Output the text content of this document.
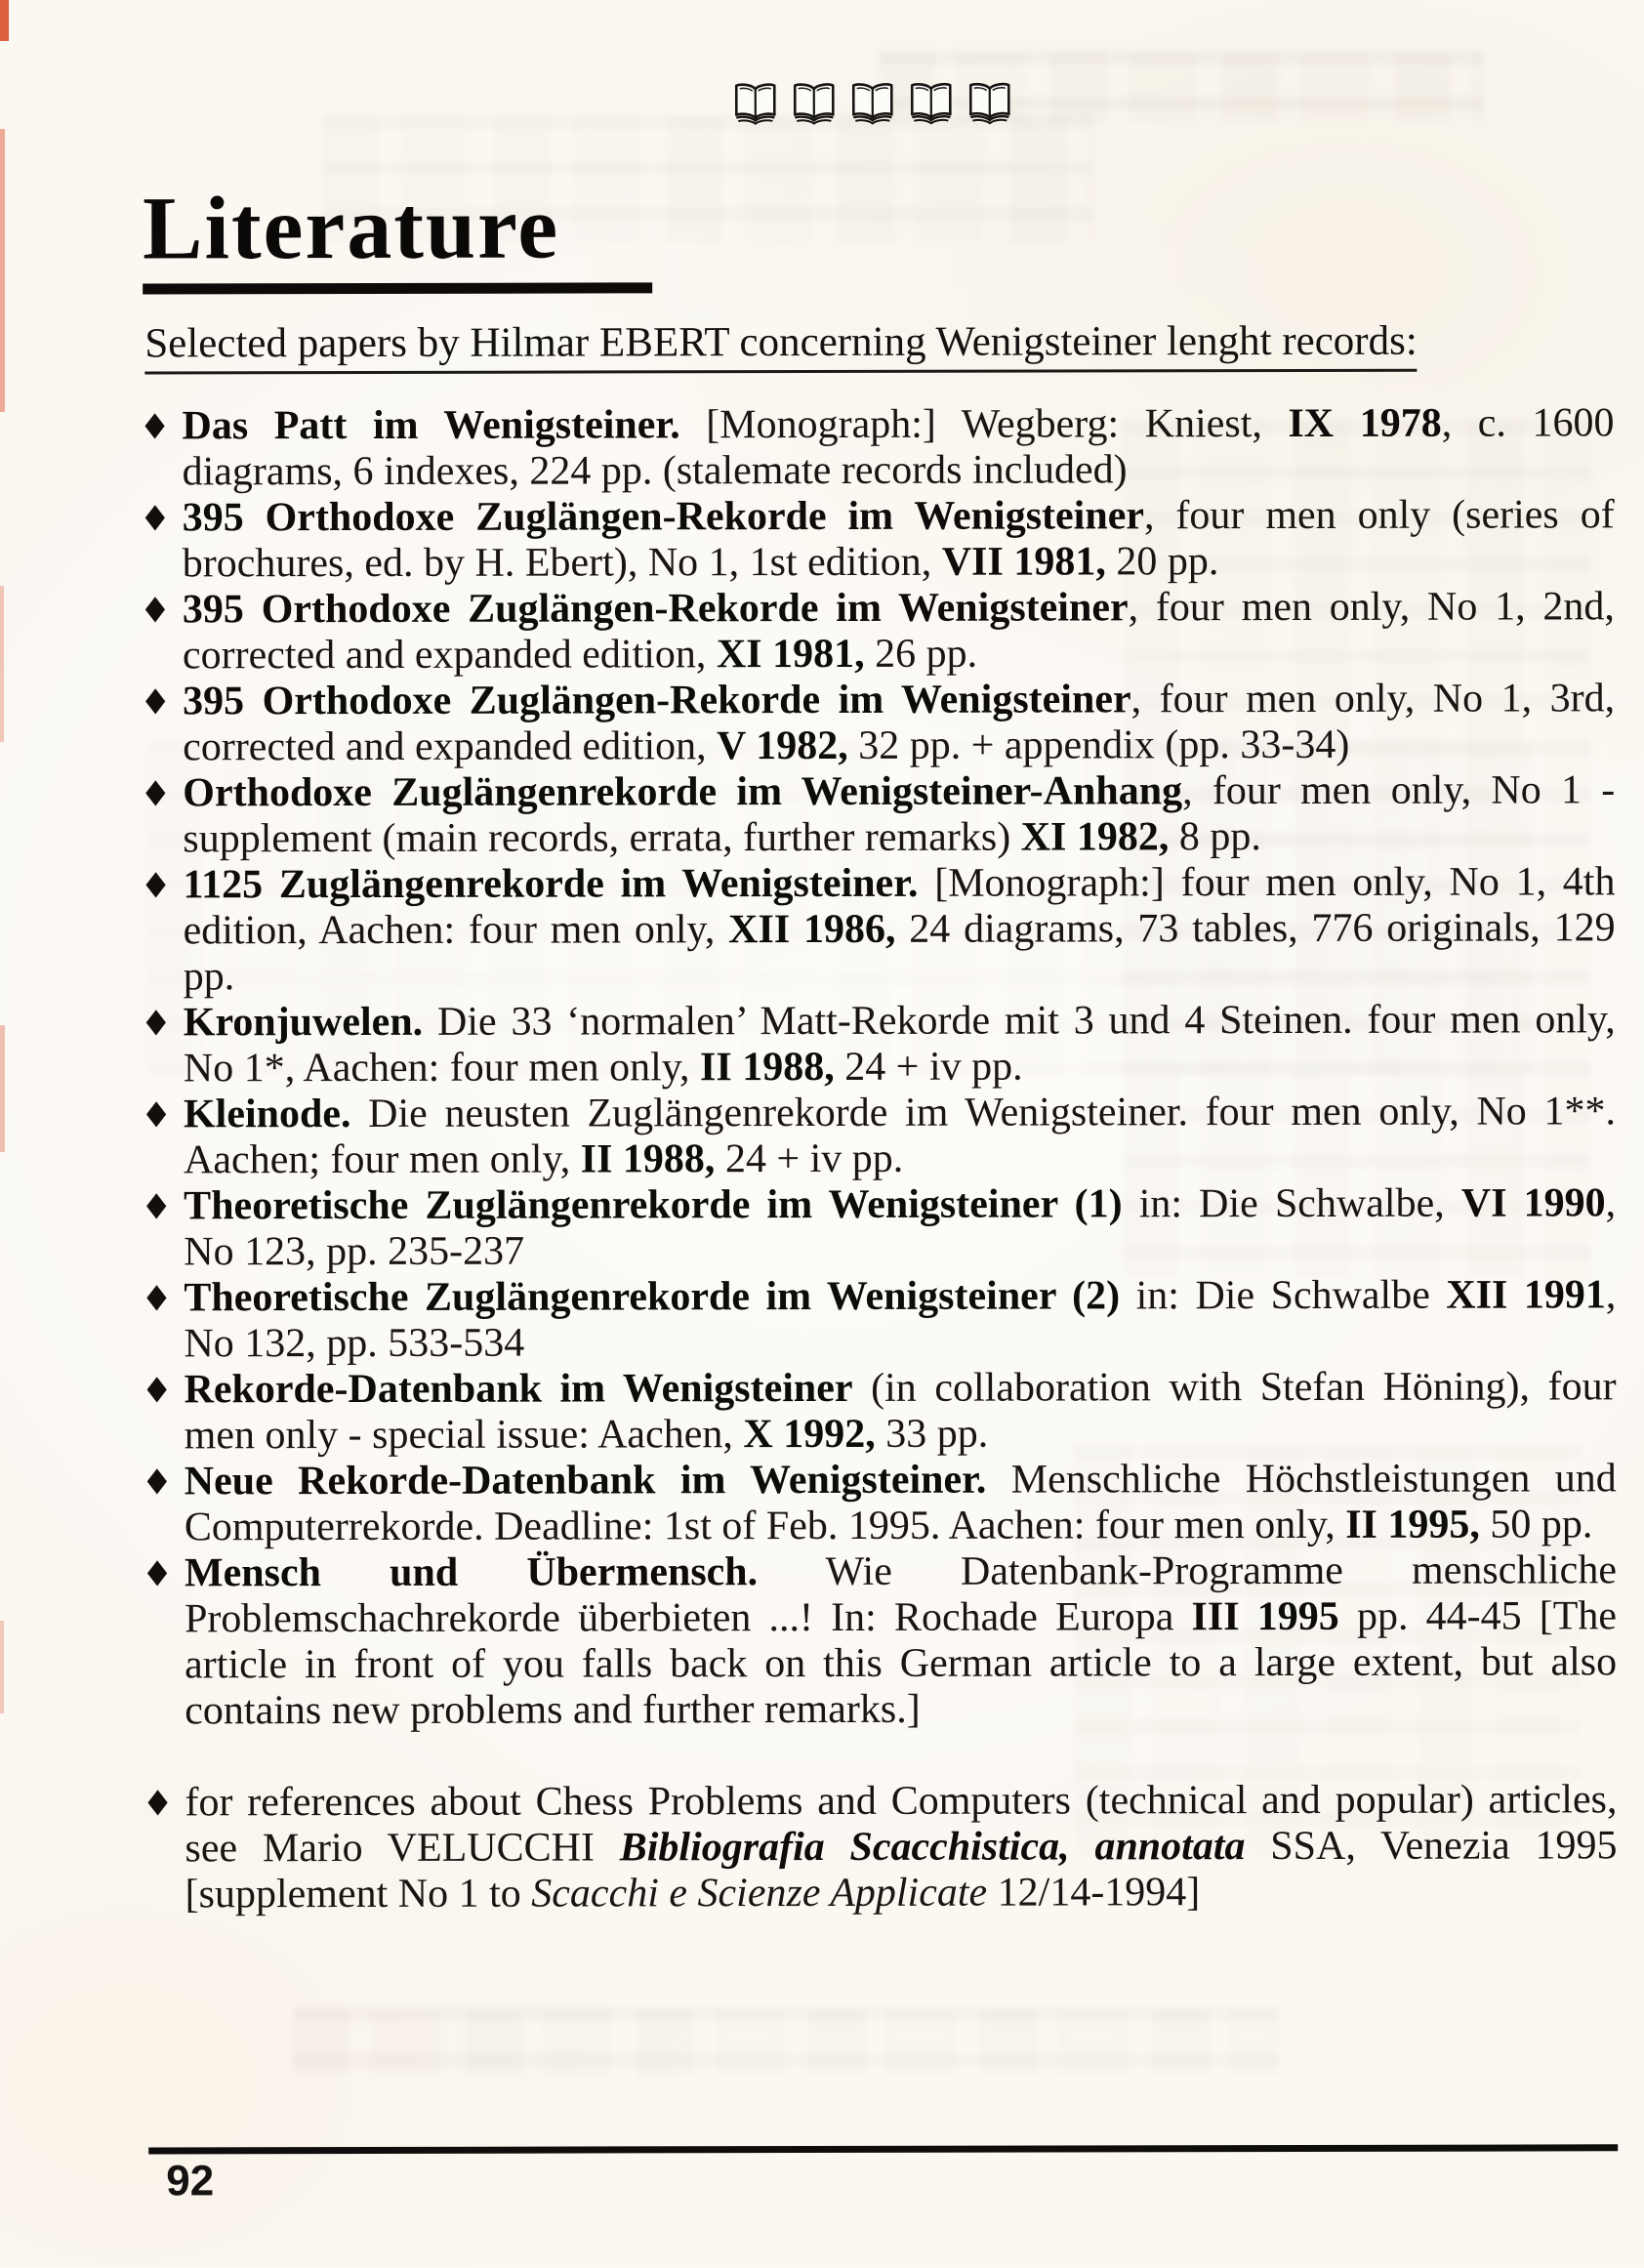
Literature
Selected papers by Hilmar EBERT concerning Wenigsteiner lenght records:
♦ Das Patt im Wenigsteiner. [Monograph:] Wegberg: Kniest, IX 1978, c. 1600 diagrams, 6 indexes, 224 pp. (stalemate records included)
♦ 395 Orthodoxe Zuglängen-Rekorde im Wenigsteiner, four men only (series of brochures, ed. by H. Ebert), No 1, 1st edition, VII 1981, 20 pp.
♦ 395 Orthodoxe Zuglängen-Rekorde im Wenigsteiner, four men only, No 1, 2nd, corrected and expanded edition, XI 1981, 26 pp.
♦ 395 Orthodoxe Zuglängen-Rekorde im Wenigsteiner, four men only, No 1, 3rd, corrected and expanded edition, V 1982, 32 pp. + appendix (pp. 33-34)
♦ Orthodoxe Zuglängenrekorde im Wenigsteiner-Anhang, four men only, No 1 - supplement (main records, errata, further remarks) XI 1982, 8 pp.
♦ 1125 Zuglängenrekorde im Wenigsteiner. [Monograph:] four men only, No 1, 4th edition, Aachen: four men only, XII 1986, 24 diagrams, 73 tables, 776 originals, 129 pp.
♦ Kronjuwelen. Die 33 ‘normalen’ Matt-Rekorde mit 3 und 4 Steinen. four men only, No 1*, Aachen: four men only, II 1988, 24 + iv pp.
♦ Kleinode. Die neusten Zuglängenrekorde im Wenigsteiner. four men only, No 1**. Aachen; four men only, II 1988, 24 + iv pp.
♦ Theoretische Zuglängenrekorde im Wenigsteiner (1) in: Die Schwalbe, VI 1990, No 123, pp. 235-237
♦ Theoretische Zuglängenrekorde im Wenigsteiner (2) in: Die Schwalbe XII 1991, No 132, pp. 533-534
♦ Rekorde-Datenbank im Wenigsteiner (in collaboration with Stefan Höning), four men only - special issue: Aachen, X 1992, 33 pp.
♦ Neue Rekorde-Datenbank im Wenigsteiner. Menschliche Höchstleistungen und Computerrekorde. Deadline: 1st of Feb. 1995. Aachen: four men only, II 1995, 50 pp.
♦ Mensch und Übermensch. Wie Datenbank-Programme menschliche Problemschachrekorde überbieten ...! In: Rochade Europa III 1995 pp. 44-45 [The article in front of you falls back on this German article to a large extent, but also contains new problems and further remarks.]
♦ for references about Chess Problems and Computers (technical and popular) articles, see Mario VELUCCHI Bibliografia Scacchistica, annotata SSA, Venezia 1995 [supplement No 1 to Scacchi e Scienze Applicate 12/14-1994]
92
